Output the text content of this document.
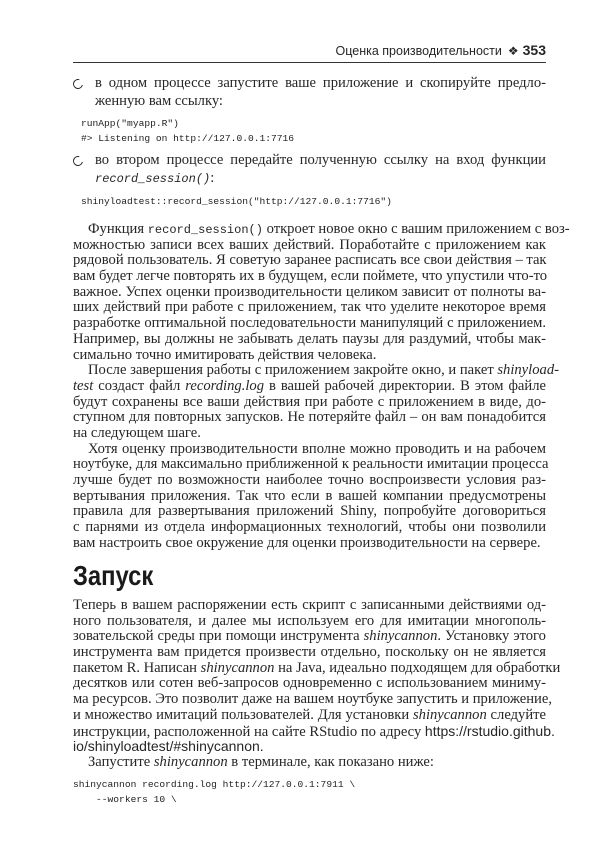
Оценка производительности ❖ 353
в одном процессе запустите ваше приложение и скопируйте предло-
женную вам ссылку:
runApp("myapp.R")
#> Listening on http://127.0.0.1:7716
во втором процессе передайте полученную ссылку на вход функции
record_session():
shinyloadtest::record_session("http://127.0.0.1:7716")
Функция record_session() откроет новое окно с вашим приложением с воз-
можностью записи всех ваших действий. Поработайте с приложением как
рядовой пользователь. Я советую заранее расписать все свои действия – так
вам будет легче повторять их в будущем, если поймете, что упустили что-то
важное. Успех оценки производительности целиком зависит от полноты ва-
ших действий при работе с приложением, так что уделите некоторое время
разработке оптимальной последовательности манипуляций с приложением.
Например, вы должны не забывать делать паузы для раздумий, чтобы мак-
симально точно имитировать действия человека.
После завершения работы с приложением закройте окно, и пакет shinyload-
test создаст файл recording.log в вашей рабочей директории. В этом файле
будут сохранены все ваши действия при работе с приложением в виде, до-
ступном для повторных запусков. Не потеряйте файл – он вам понадобится
на следующем шаге.
Хотя оценку производительности вполне можно проводить и на рабочем
ноутбуке, для максимально приближенной к реальности имитации процесса
лучше будет по возможности наиболее точно воспроизвести условия раз-
вертывания приложения. Так что если в вашей компании предусмотрены
правила для развертывания приложений Shiny, попробуйте договориться
с парнями из отдела информационных технологий, чтобы они позволили
вам настроить свое окружение для оценки производительности на сервере.
Запуск
Теперь в вашем распоряжении есть скрипт с записанными действиями од-
ного пользователя, и далее мы используем его для имитации многополь-
зовательской среды при помощи инструмента shinycannon. Установку этого
инструмента вам придется произвести отдельно, поскольку он не является
пакетом R. Написан shinycannon на Java, идеально подходящем для обработки
десятков или сотен веб-запросов одновременно с использованием миниму-
ма ресурсов. Это позволит даже на вашем ноутбуке запустить и приложение,
и множество имитаций пользователей. Для установки shinycannon следуйте
инструкции, расположенной на сайте RStudio по адресу https://rstudio.github.
io/shinyloadtest/#shinycannon.
Запустите shinycannon в терминале, как показано ниже:
shinycannon recording.log http://127.0.0.1:7911 \
--workers 10 \
